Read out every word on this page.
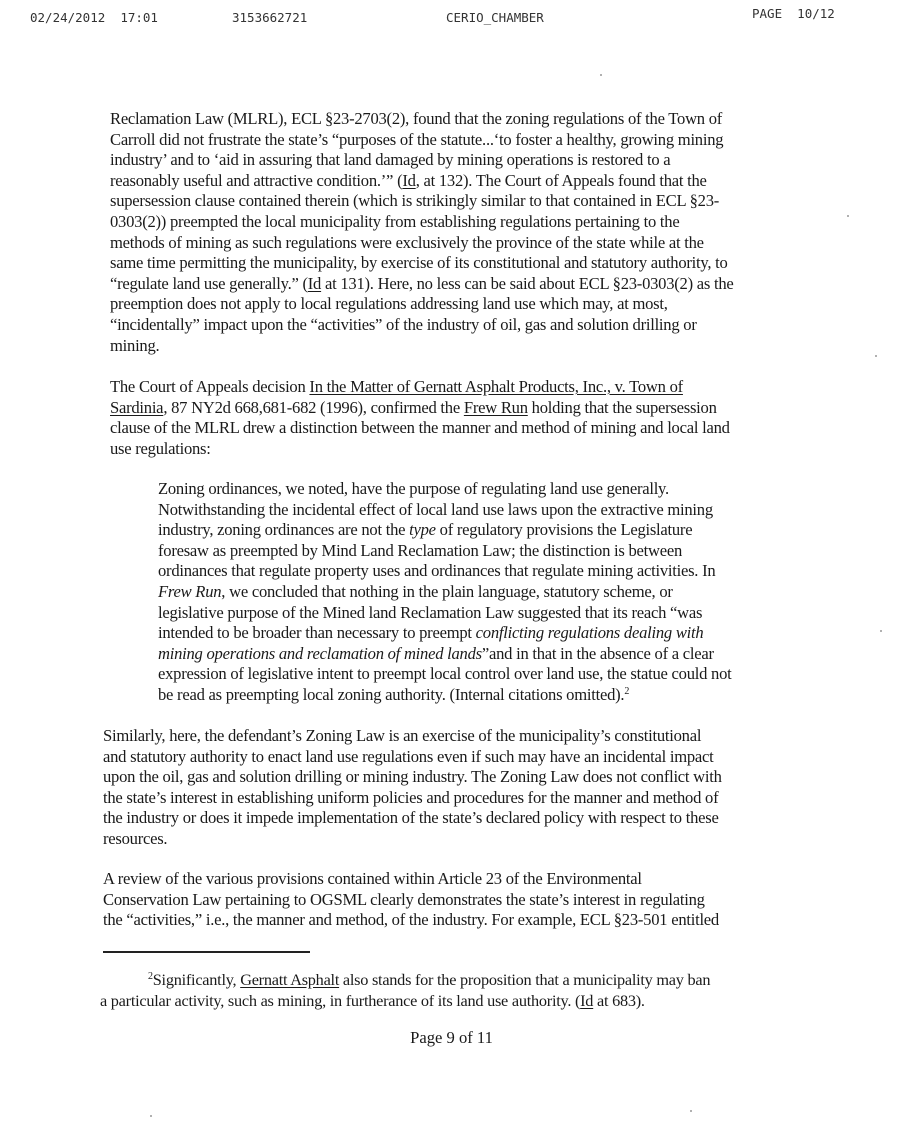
02/24/2012 17:01	3153662721	CERIO_CHAMBER	PAGE 10/12
Reclamation Law (MLRL), ECL §23-2703(2), found that the zoning regulations of the Town of
Carroll did not frustrate the state’s “purposes of the statute...‘to foster a healthy, growing mining
industry’ and to ‘aid in assuring that land damaged by mining operations is restored to a
reasonably useful and attractive condition.’” (Id, at 132). The Court of Appeals found that the
supersession clause contained therein (which is strikingly similar to that contained in ECL §23-
0303(2)) preempted the local municipality from establishing regulations pertaining to the
methods of mining as such regulations were exclusively the province of the state while at the
same time permitting the municipality, by exercise of its constitutional and statutory authority, to
“regulate land use generally.” (Id at 131). Here, no less can be said about ECL §23-0303(2) as the
preemption does not apply to local regulations addressing land use which may, at most,
“incidentally” impact upon the “activities” of the industry of oil, gas and solution drilling or
mining.
The Court of Appeals decision In the Matter of Gernatt Asphalt Products, Inc., v. Town of
Sardinia, 87 NY2d 668,681-682 (1996), confirmed the Frew Run holding that the supersession
clause of the MLRL drew a distinction between the manner and method of mining and local land
use regulations:
Zoning ordinances, we noted, have the purpose of regulating land use generally.
Notwithstanding the incidental effect of local land use laws upon the extractive mining
industry, zoning ordinances are not the type of regulatory provisions the Legislature
foresaw as preempted by Mind Land Reclamation Law; the distinction is between
ordinances that regulate property uses and ordinances that regulate mining activities. In
Frew Run, we concluded that nothing in the plain language, statutory scheme, or
legislative purpose of the Mined land Reclamation Law suggested that its reach “was
intended to be broader than necessary to preempt conflicting regulations dealing with
mining operations and reclamation of mined lands”and in that in the absence of a clear
expression of legislative intent to preempt local control over land use, the statue could not
be read as preempting local zoning authority. (Internal citations omitted).$^2$
Similarly, here, the defendant’s Zoning Law is an exercise of the municipality’s constitutional
and statutory authority to enact land use regulations even if such may have an incidental impact
upon the oil, gas and solution drilling or mining industry. The Zoning Law does not conflict with
the state’s interest in establishing uniform policies and procedures for the manner and method of
the industry or does it impede implementation of the state’s declared policy with respect to these
resources.
A review of the various provisions contained within Article 23 of the Environmental
Conservation Law pertaining to OGSML clearly demonstrates the state’s interest in regulating
the “activities,” i.e., the manner and method, of the industry. For example, ECL §23-501 entitled
$^2$Significantly, Gernatt Asphalt also stands for the proposition that a municipality may ban
a particular activity, such as mining, in furtherance of its land use authority. (Id at 683).
Page 9 of 11
